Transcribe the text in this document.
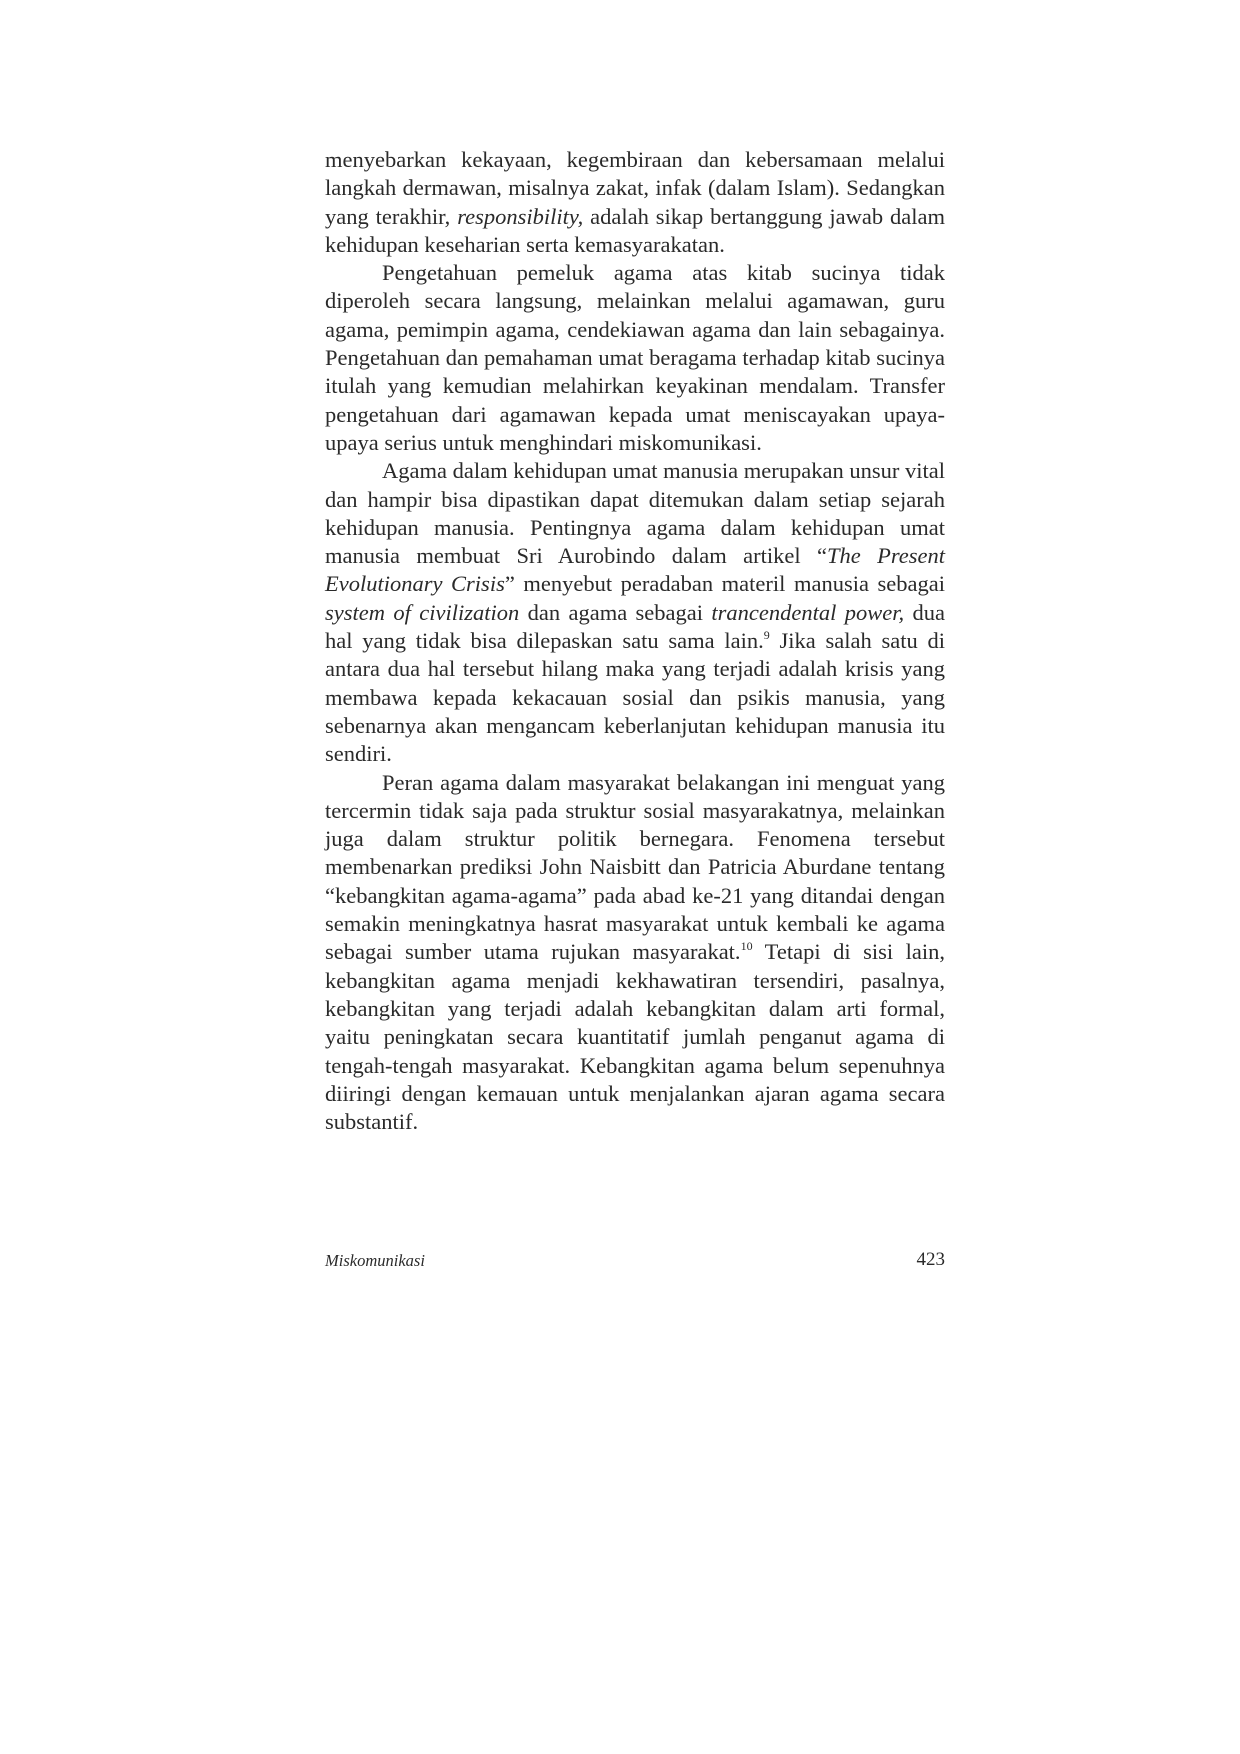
menyebarkan kekayaan, kegembiraan dan kebersamaan melalui langkah dermawan, misalnya zakat, infak (dalam Islam). Sedangkan yang terakhir, responsibility, adalah sikap bertanggung jawab dalam kehidupan keseharian serta kemasyarakatan.

Pengetahuan pemeluk agama atas kitab sucinya tidak diperoleh secara langsung, melainkan melalui agamawan, guru agama, pemimpin agama, cendekiawan agama dan lain sebagainya. Pengetahuan dan pemahaman umat beragama terhadap kitab sucinya itulah yang kemudian melahirkan keyakinan mendalam. Transfer pengetahuan dari agamawan kepada umat meniscayakan upaya-upaya serius untuk menghindari miskomunikasi.

Agama dalam kehidupan umat manusia merupakan unsur vital dan hampir bisa dipastikan dapat ditemukan dalam setiap sejarah kehidupan manusia. Pentingnya agama dalam kehidupan umat manusia membuat Sri Aurobindo dalam artikel “The Present Evolutionary Crisis” menyebut peradaban materil manusia sebagai system of civilization dan agama sebagai trancendental power, dua hal yang tidak bisa dilepaskan satu sama lain.$^9$ Jika salah satu di antara dua hal tersebut hilang maka yang terjadi adalah krisis yang membawa kepada kekacauan sosial dan psikis manusia, yang sebenarnya akan mengancam keberlanjutan kehidupan manusia itu sendiri.

Peran agama dalam masyarakat belakangan ini menguat yang tercermin tidak saja pada struktur sosial masyarakatnya, melainkan juga dalam struktur politik bernegara. Fenomena tersebut membenarkan prediksi John Naisbitt dan Patricia Aburdane tentang “kebangkitan agama-agama” pada abad ke-21 yang ditandai dengan semakin meningkatnya hasrat masyarakat untuk kembali ke agama sebagai sumber utama rujukan masyarakat.$^{10}$ Tetapi di sisi lain, kebangkitan agama menjadi kekhawatiran tersendiri, pasalnya, kebangkitan yang terjadi adalah kebangkitan dalam arti formal, yaitu peningkatan secara kuantitatif jumlah penganut agama di tengah-tengah masyarakat. Kebangkitan agama belum sepenuhnya diiringi dengan kemauan untuk menjalankan ajaran agama secara substantif.

Miskomunikasi	423
